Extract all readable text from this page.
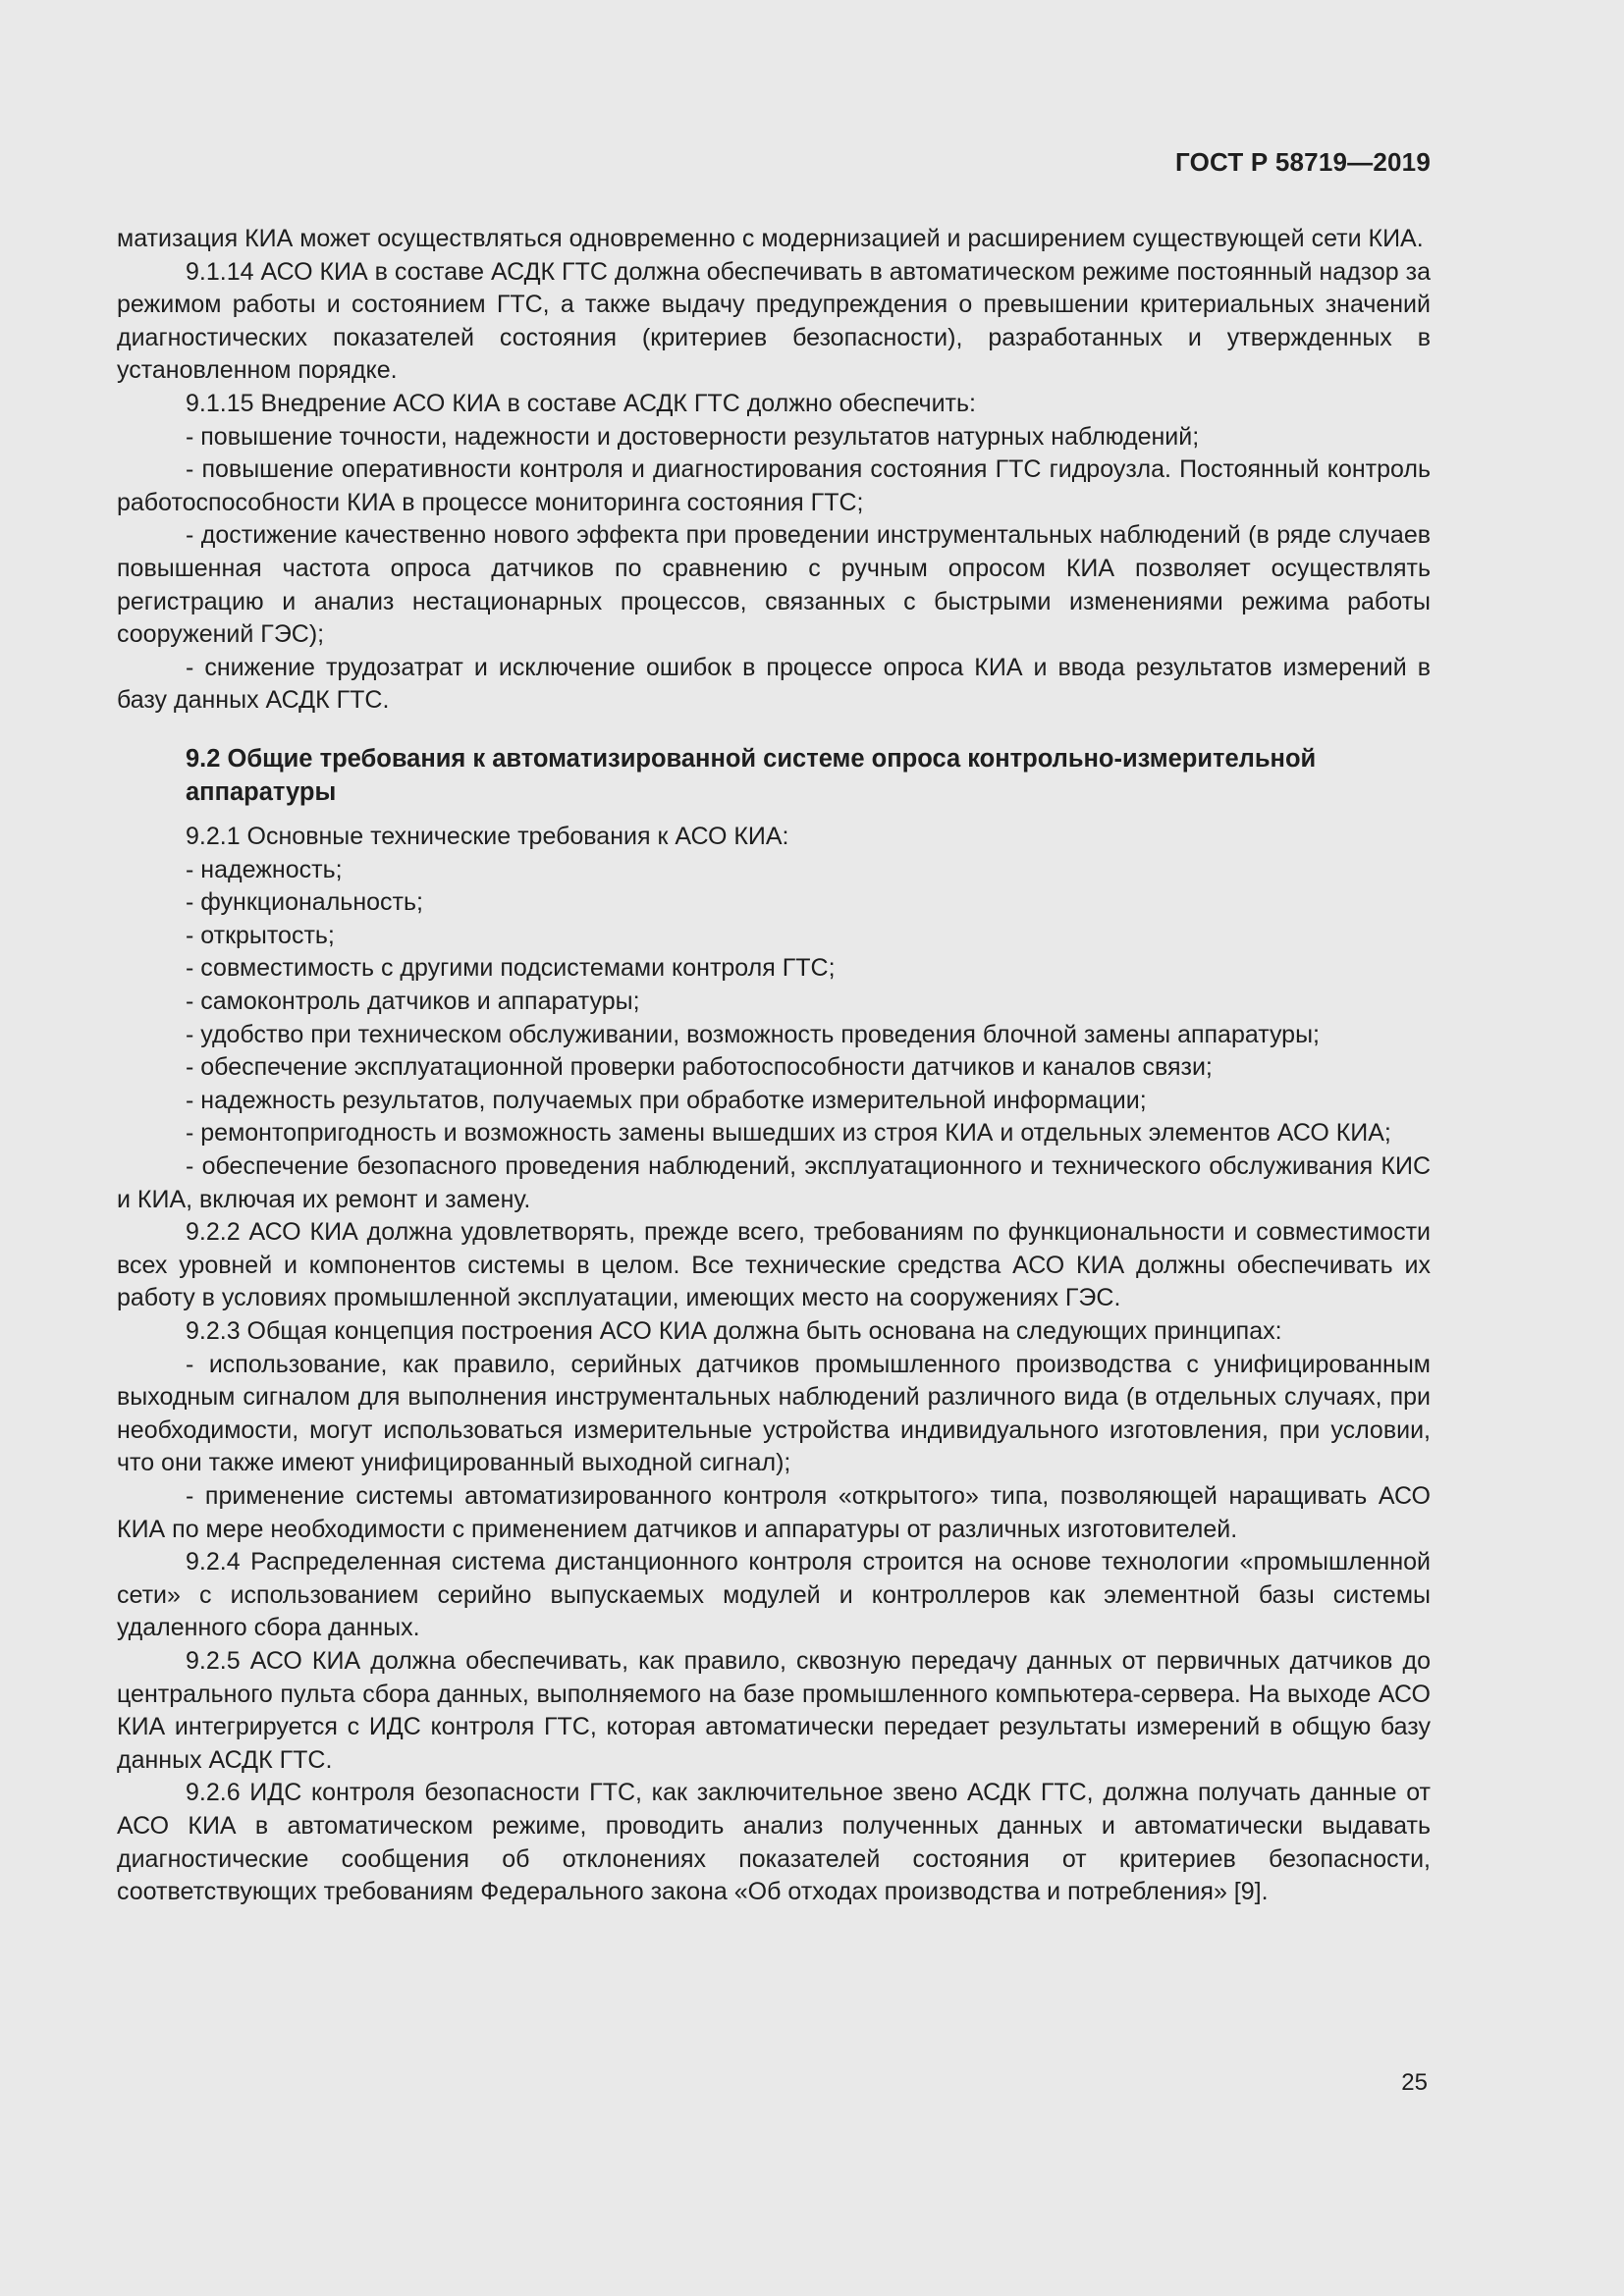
ГОСТ Р 58719—2019

матизация КИА может осуществляться одновременно с модернизацией и расширением существующей сети КИА.

9.1.14 АСО КИА в составе АСДК ГТС должна обеспечивать в автоматическом режиме постоянный надзор за режимом работы и состоянием ГТС, а также выдачу предупреждения о превышении критериальных значений диагностических показателей состояния (критериев безопасности), разработанных и утвержденных в установленном порядке.

9.1.15 Внедрение АСО КИА в составе АСДК ГТС должно обеспечить:

- повышение точности, надежности и достоверности результатов натурных наблюдений;

- повышение оперативности контроля и диагностирования состояния ГТС гидроузла. Постоянный контроль работоспособности КИА в процессе мониторинга состояния ГТС;

- достижение качественно нового эффекта при проведении инструментальных наблюдений (в ряде случаев повышенная частота опроса датчиков по сравнению с ручным опросом КИА позволяет осуществлять регистрацию и анализ нестационарных процессов, связанных с быстрыми изменениями режима работы сооружений ГЭС);

- снижение трудозатрат и исключение ошибок в процессе опроса КИА и ввода результатов измерений в базу данных АСДК ГТС.

9.2 Общие требования к автоматизированной системе опроса контрольно-измерительной аппаратуры

9.2.1 Основные технические требования к АСО КИА:

- надежность;

- функциональность;

- открытость;

- совместимость с другими подсистемами контроля ГТС;

- самоконтроль датчиков и аппаратуры;

- удобство при техническом обслуживании, возможность проведения блочной замены аппаратуры;

- обеспечение эксплуатационной проверки работоспособности датчиков и каналов связи;

- надежность результатов, получаемых при обработке измерительной информации;

- ремонтопригодность и возможность замены вышедших из строя КИА и отдельных элементов АСО КИА;

- обеспечение безопасного проведения наблюдений, эксплуатационного и технического обслуживания КИС и КИА, включая их ремонт и замену.

9.2.2 АСО КИА должна удовлетворять, прежде всего, требованиям по функциональности и совместимости всех уровней и компонентов системы в целом. Все технические средства АСО КИА должны обеспечивать их работу в условиях промышленной эксплуатации, имеющих место на сооружениях ГЭС.

9.2.3 Общая концепция построения АСО КИА должна быть основана на следующих принципах:

- использование, как правило, серийных датчиков промышленного производства с унифицированным выходным сигналом для выполнения инструментальных наблюдений различного вида (в отдельных случаях, при необходимости, могут использоваться измерительные устройства индивидуального изготовления, при условии, что они также имеют унифицированный выходной сигнал);

- применение системы автоматизированного контроля «открытого» типа, позволяющей наращивать АСО КИА по мере необходимости с применением датчиков и аппаратуры от различных изготовителей.

9.2.4 Распределенная система дистанционного контроля строится на основе технологии «промышленной сети» с использованием серийно выпускаемых модулей и контроллеров как элементной базы системы удаленного сбора данных.

9.2.5 АСО КИА должна обеспечивать, как правило, сквозную передачу данных от первичных датчиков до центрального пульта сбора данных, выполняемого на базе промышленного компьютера-сервера. На выходе АСО КИА интегрируется с ИДС контроля ГТС, которая автоматически передает результаты измерений в общую базу данных АСДК ГТС.

9.2.6 ИДС контроля безопасности ГТС, как заключительное звено АСДК ГТС, должна получать данные от АСО КИА в автоматическом режиме, проводить анализ полученных данных и автоматически выдавать диагностические сообщения об отклонениях показателей состояния от критериев безопасности, соответствующих требованиям Федерального закона «Об отходах производства и потребления» [9].

25
